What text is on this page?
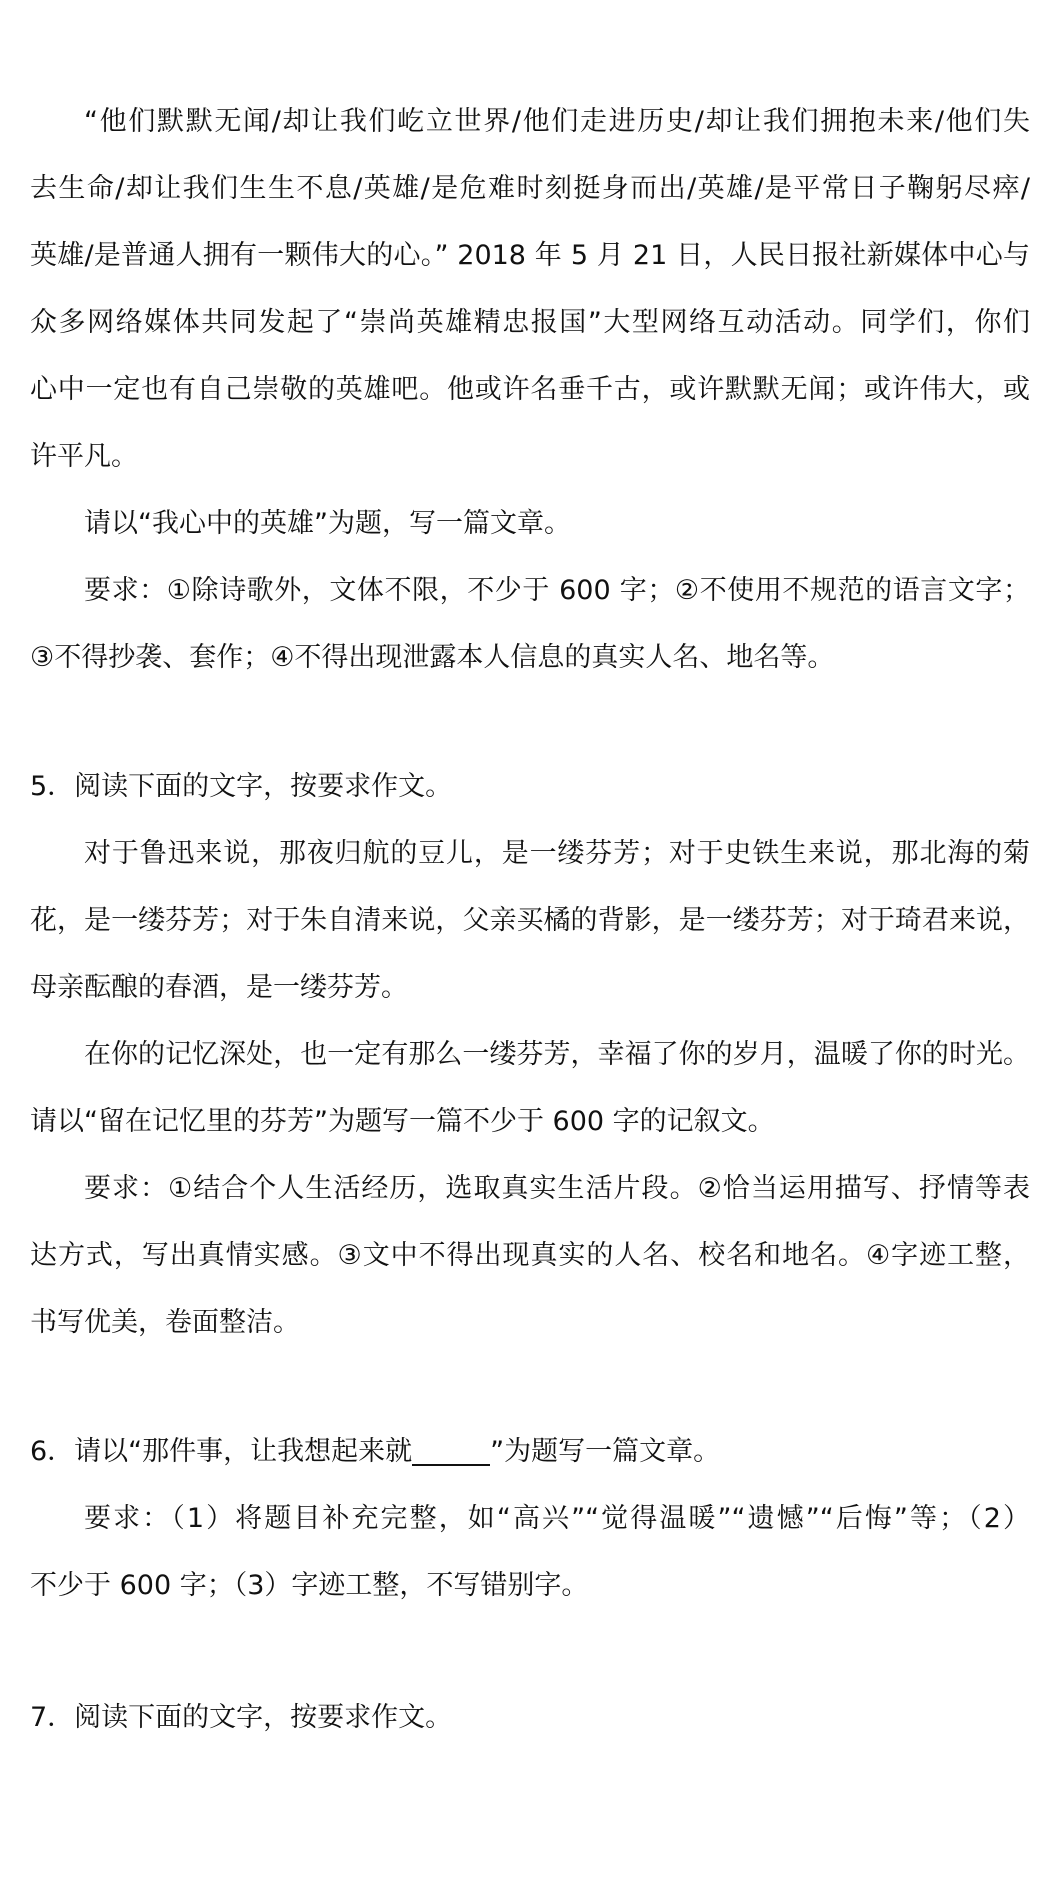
“他们默默无闻/却让我们屹立世界/他们走进历史/却让我们拥抱未来/他们失
去生命/却让我们生生不息/英雄/是危难时刻挺身而出/英雄/是平常日子鞠躬尽瘁/
英雄/是普通人拥有一颗伟大的心。” 2018 年 5 月 21 日，人民日报社新媒体中心与
众多网络媒体共同发起了“崇尚英雄精忠报国”大型网络互动活动。同学们，你们
心中一定也有自己崇敬的英雄吧。他或许名垂千古，或许默默无闻；或许伟大，或
许平凡。
请以“我心中的英雄”为题，写一篇文章。
要求：①除诗歌外，文体不限，不少于 600 字；②不使用不规范的语言文字；
③不得抄袭、套作；④不得出现泄露本人信息的真实人名、地名等。
5．阅读下面的文字，按要求作文。
对于鲁迅来说，那夜归航的豆儿，是一缕芬芳；对于史铁生来说，那北海的菊
花，是一缕芬芳；对于朱自清来说，父亲买橘的背影，是一缕芬芳；对于琦君来说，
母亲酝酿的春酒，是一缕芬芳。
在你的记忆深处，也一定有那么一缕芬芳，幸福了你的岁月，温暖了你的时光。
请以“留在记忆里的芬芳”为题写一篇不少于 600 字的记叙文。
要求：①结合个人生活经历，选取真实生活片段。②恰当运用描写、抒情等表
达方式，写出真情实感。③文中不得出现真实的人名、校名和地名。④字迹工整，
书写优美，卷面整洁。
6．请以“那件事，让我想起来就	”为题写一篇文章。
要求：（1）将题目补充完整，如“高兴”“觉得温暖”“遗憾”“后悔”等；（2）
不少于 600 字；（3）字迹工整，不写错别字。
7．阅读下面的文字，按要求作文。
